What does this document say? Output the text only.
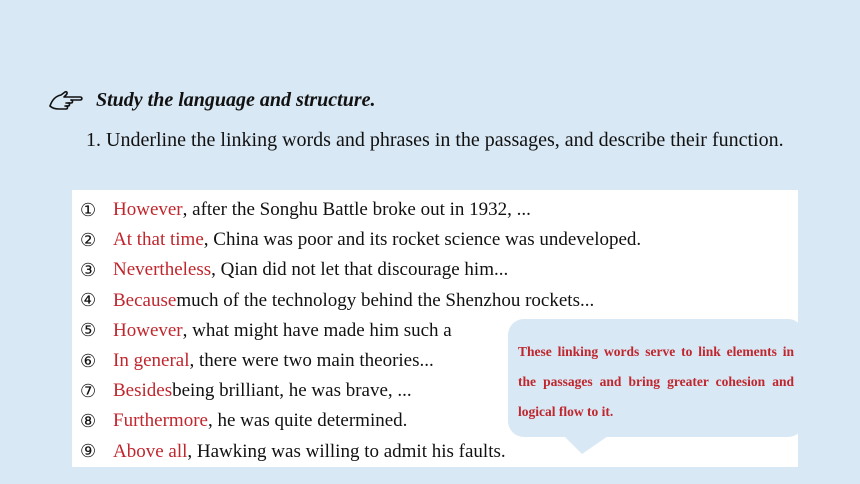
Study the language and structure.
1. Underline the linking words and phrases in the passages, and describe their function.
① However , after the Songhu Battle broke out in 1932, ...
② At that time , China was poor and its rocket science was undeveloped.
③ Nevertheless , Qian did not let that discourage him...
④ Because much of the technology behind the Shenzhou rockets...
⑤ However , what might have made him such a
⑥ In general , there were two main theories...
⑦ Besides being brilliant, he was brave, ...
⑧ Furthermore , he was quite determined.
⑨ Above all , Hawking was willing to admit his faults.
These linking words serve to link elements in the passages and bring greater cohesion and logical flow to it.
